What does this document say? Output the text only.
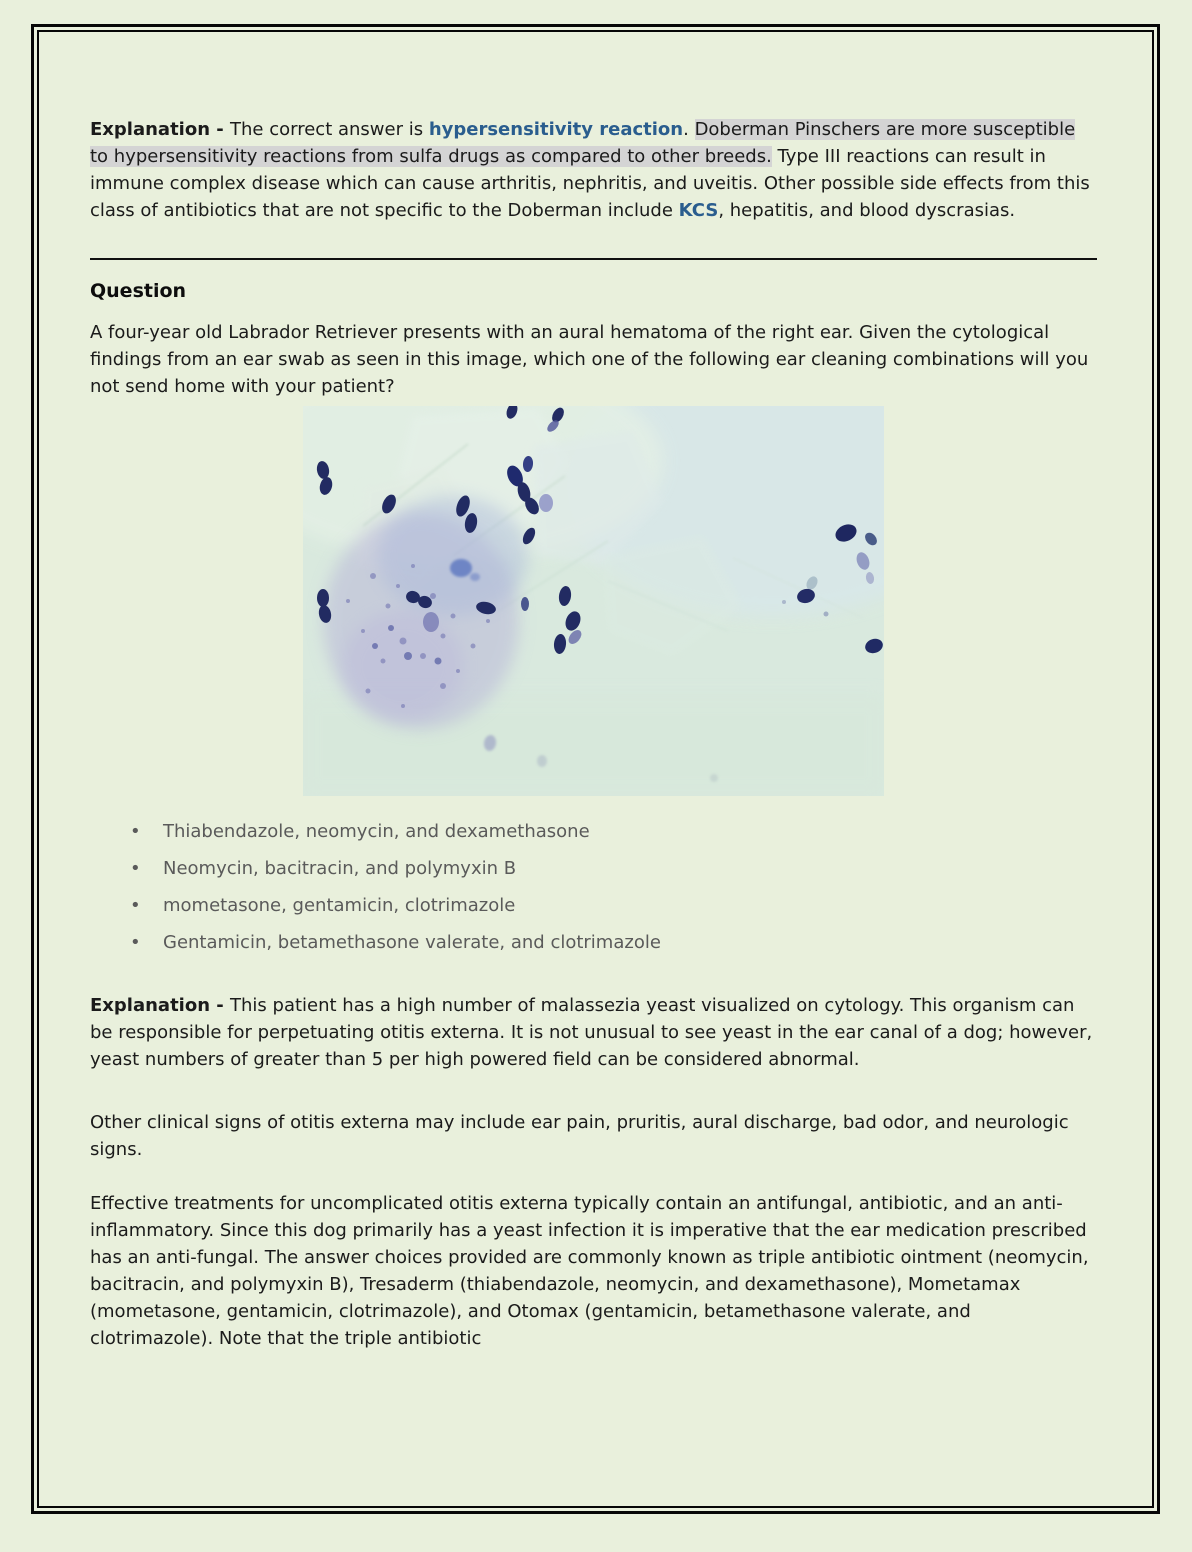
Explanation - The correct answer is hypersensitivity reaction. Doberman Pinschers are more susceptible to hypersensitivity reactions from sulfa drugs as compared to other breeds. Type III reactions can result in immune complex disease which can cause arthritis, nephritis, and uveitis. Other possible side effects from this class of antibiotics that are not specific to the Doberman include KCS, hepatitis, and blood dyscrasias.

Question

A four-year old Labrador Retriever presents with an aural hematoma of the right ear. Given the cytological findings from an ear swab as seen in this image, which one of the following ear cleaning combinations will you not send home with your patient?

• Thiabendazole, neomycin, and dexamethasone
• Neomycin, bacitracin, and polymyxin B
• mometasone, gentamicin, clotrimazole
• Gentamicin, betamethasone valerate, and clotrimazole

Explanation - This patient has a high number of malassezia yeast visualized on cytology. This organism can be responsible for perpetuating otitis externa. It is not unusual to see yeast in the ear canal of a dog; however, yeast numbers of greater than 5 per high powered field can be considered abnormal.

Other clinical signs of otitis externa may include ear pain, pruritis, aural discharge, bad odor, and neurologic signs.

Effective treatments for uncomplicated otitis externa typically contain an antifungal, antibiotic, and an anti-inflammatory. Since this dog primarily has a yeast infection it is imperative that the ear medication prescribed has an anti-fungal. The answer choices provided are commonly known as triple antibiotic ointment (neomycin, bacitracin, and polymyxin B), Tresaderm (thiabendazole, neomycin, and dexamethasone), Mometamax (mometasone, gentamicin, clotrimazole), and Otomax (gentamicin, betamethasone valerate, and clotrimazole). Note that the triple antibiotic
